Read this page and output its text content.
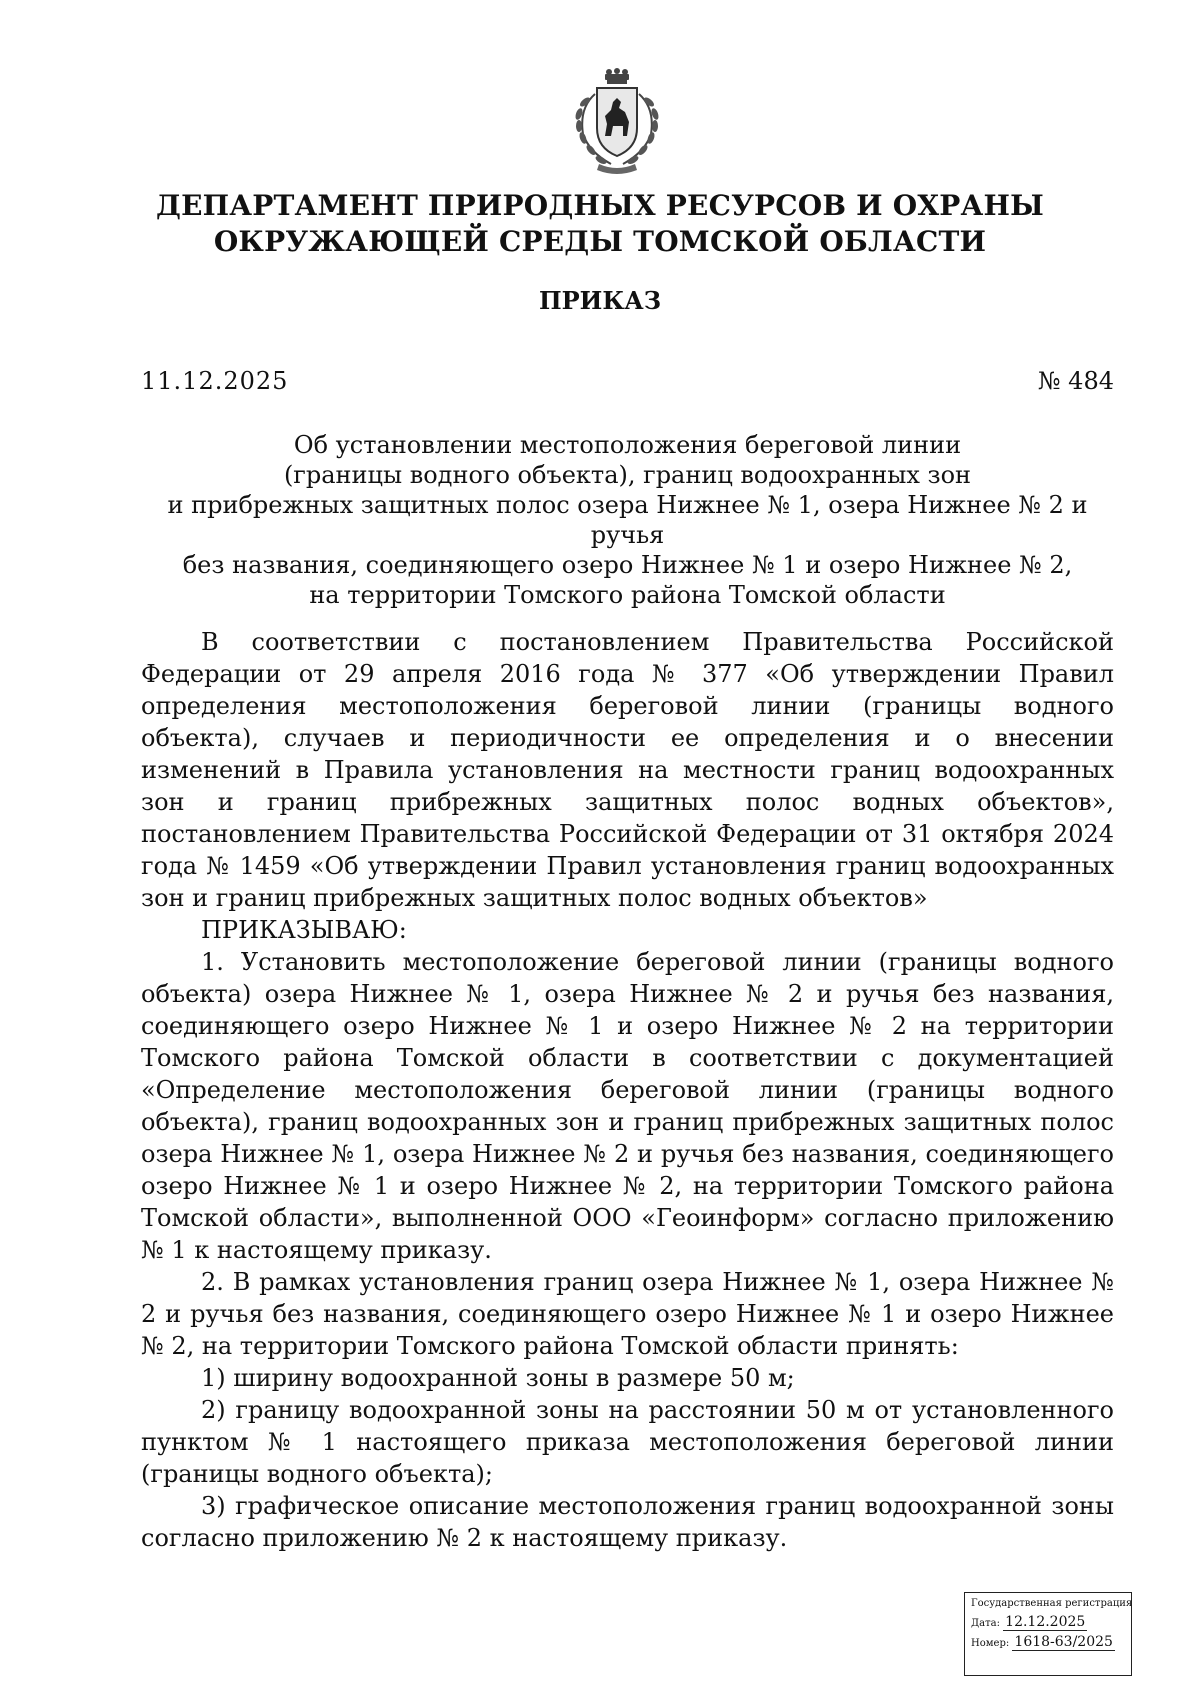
ДЕПАРТАМЕНТ ПРИРОДНЫХ РЕСУРСОВ И ОХРАНЫ
ОКРУЖАЮЩЕЙ СРЕДЫ ТОМСКОЙ ОБЛАСТИ
ПРИКАЗ
11.12.2025	№ 484
Об установлении местоположения береговой линии
(границы водного объекта), границ водоохранных зон
и прибрежных защитных полос озера Нижнее № 1, озера Нижнее № 2 и ручья
без названия, соединяющего озеро Нижнее № 1 и озеро Нижнее № 2,
на территории Томского района Томской области

В соответствии с постановлением Правительства Российской Федерации от 29 апреля 2016 года № 377 «Об утверждении Правил определения местоположения береговой линии (границы водного объекта), случаев и периодичности ее определения и о внесении изменений в Правила установления на местности границ водоохранных зон и границ прибрежных защитных полос водных объектов», постановлением Правительства Российской Федерации от 31 октября 2024 года № 1459 «Об утверждении Правил установления границ водоохранных зон и границ прибрежных защитных полос водных объектов»

ПРИКАЗЫВАЮ:

1. Установить местоположение береговой линии (границы водного объекта) озера Нижнее № 1, озера Нижнее № 2 и ручья без названия, соединяющего озеро Нижнее № 1 и озеро Нижнее № 2 на территории Томского района Томской области в соответствии с документацией «Определение местоположения береговой линии (границы водного объекта), границ водоохранных зон и границ прибрежных защитных полос озера Нижнее № 1, озера Нижнее № 2 и ручья без названия, соединяющего озеро Нижнее № 1 и озеро Нижнее № 2, на территории Томского района Томской области», выполненной ООО «Геоинформ» согласно приложению № 1 к настоящему приказу.

2. В рамках установления границ озера Нижнее № 1, озера Нижнее № 2 и ручья без названия, соединяющего озеро Нижнее № 1 и озеро Нижнее № 2, на территории Томского района Томской области принять:

1) ширину водоохранной зоны в размере 50 м;

2) границу водоохранной зоны на расстоянии 50 м от установленного пунктом № 1 настоящего приказа местоположения береговой линии (границы водного объекта);

3) графическое описание местоположения границ водоохранной зоны согласно приложению № 2 к настоящему приказу.

Государственная регистрация
Дата: 12.12.2025
Номер: 1618-63/2025
